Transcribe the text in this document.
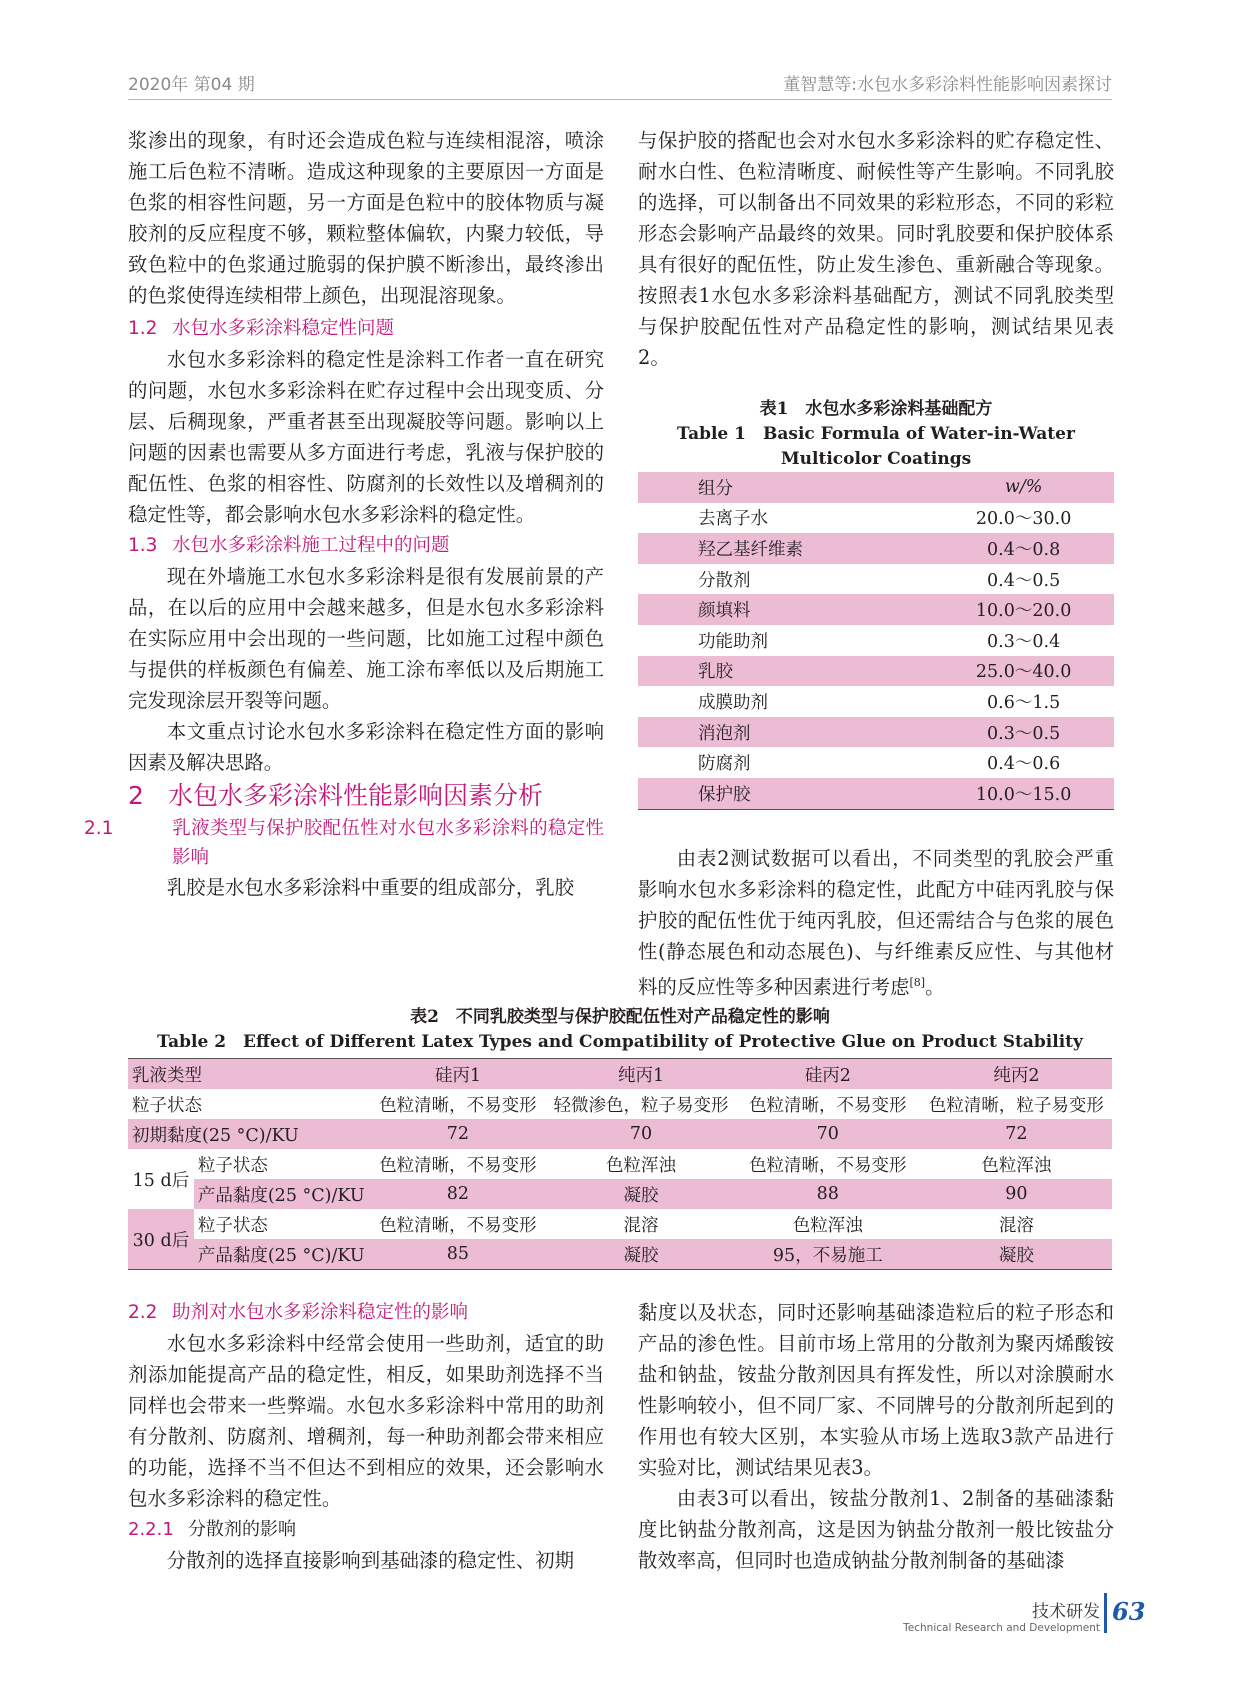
2020年 第04 期	董智慧等:水包水多彩涂料性能影响因素探讨

浆渗出的现象，有时还会造成色粒与连续相混溶，喷涂施工后色粒不清晰。造成这种现象的主要原因一方面是色浆的相容性问题，另一方面是色粒中的胶体物质与凝胶剂的反应程度不够，颗粒整体偏软，内聚力较低，导致色粒中的色浆通过脆弱的保护膜不断渗出，最终渗出的色浆使得连续相带上颜色，出现混溶现象。

1.2 水包水多彩涂料稳定性问题

水包水多彩涂料的稳定性是涂料工作者一直在研究的问题，水包水多彩涂料在贮存过程中会出现变质、分层、后稠现象，严重者甚至出现凝胶等问题。影响以上问题的因素也需要从多方面进行考虑，乳液与保护胶的配伍性、色浆的相容性、防腐剂的长效性以及增稠剂的稳定性等，都会影响水包水多彩涂料的稳定性。

1.3 水包水多彩涂料施工过程中的问题

现在外墙施工水包水多彩涂料是很有发展前景的产品，在以后的应用中会越来越多，但是水包水多彩涂料在实际应用中会出现的一些问题，比如施工过程中颜色与提供的样板颜色有偏差、施工涂布率低以及后期施工完发现涂层开裂等问题。

本文重点讨论水包水多彩涂料在稳定性方面的影响因素及解决思路。

2 水包水多彩涂料性能影响因素分析

2.1	乳液类型与保护胶配伍性对水包水多彩涂料的稳定性影响

乳胶是水包水多彩涂料中重要的组成部分，乳胶

与保护胶的搭配也会对水包水多彩涂料的贮存稳定性、耐水白性、色粒清晰度、耐候性等产生影响。不同乳胶的选择，可以制备出不同效果的彩粒形态，不同的彩粒形态会影响产品最终的效果。同时乳胶要和保护胶体系具有很好的配伍性，防止发生渗色、重新融合等现象。按照表1水包水多彩涂料基础配方，测试不同乳胶类型与保护胶配伍性对产品稳定性的影响，测试结果见表2。

表1　水包水多彩涂料基础配方
Table 1　Basic Formula of Water-in-Water Multicolor Coatings
组分	w/%
去离子水	20.0～30.0
羟乙基纤维素	0.4～0.8
分散剂	0.4～0.5
颜填料	10.0～20.0
功能助剂	0.3～0.4
乳胶	25.0～40.0
成膜助剂	0.6～1.5
消泡剂	0.3～0.5
防腐剂	0.4～0.6
保护胶	10.0～15.0

由表2测试数据可以看出，不同类型的乳胶会严重影响水包水多彩涂料的稳定性，此配方中硅丙乳胶与保护胶的配伍性优于纯丙乳胶，但还需结合与色浆的展色性(静态展色和动态展色)、与纤维素反应性、与其他材料的反应性等多种因素进行考虑[8]。

表2　不同乳胶类型与保护胶配伍性对产品稳定性的影响
Table 2　Effect of Different Latex Types and Compatibility of Protective Glue on Product Stability
乳液类型		硅丙1	纯丙1	硅丙2	纯丙2
粒子状态		色粒清晰，不易变形	轻微渗色，粒子易变形	色粒清晰，不易变形	色粒清晰，粒子易变形
初期黏度(25 °C)/KU		72	70	70	72
15 d后	粒子状态	色粒清晰，不易变形	色粒浑浊	色粒清晰，不易变形	色粒浑浊
	产品黏度(25 °C)/KU	82	凝胶	88	90
30 d后	粒子状态	色粒清晰，不易变形	混溶	色粒浑浊	混溶
	产品黏度(25 °C)/KU	85	凝胶	95，不易施工	凝胶

2.2 助剂对水包水多彩涂料稳定性的影响

水包水多彩涂料中经常会使用一些助剂，适宜的助剂添加能提高产品的稳定性，相反，如果助剂选择不当同样也会带来一些弊端。水包水多彩涂料中常用的助剂有分散剂、防腐剂、增稠剂，每一种助剂都会带来相应的功能，选择不当不但达不到相应的效果，还会影响水包水多彩涂料的稳定性。

2.2.1 分散剂的影响

分散剂的选择直接影响到基础漆的稳定性、初期

黏度以及状态，同时还影响基础漆造粒后的粒子形态和产品的渗色性。目前市场上常用的分散剂为聚丙烯酸铵盐和钠盐，铵盐分散剂因具有挥发性，所以对涂膜耐水性影响较小，但不同厂家、不同牌号的分散剂所起到的作用也有较大区别，本实验从市场上选取3款产品进行实验对比，测试结果见表3。

由表3可以看出，铵盐分散剂1、2制备的基础漆黏度比钠盐分散剂高，这是因为钠盐分散剂一般比铵盐分散效率高，但同时也造成钠盐分散剂制备的基础漆

技术研发
Technical Research and Development
63
